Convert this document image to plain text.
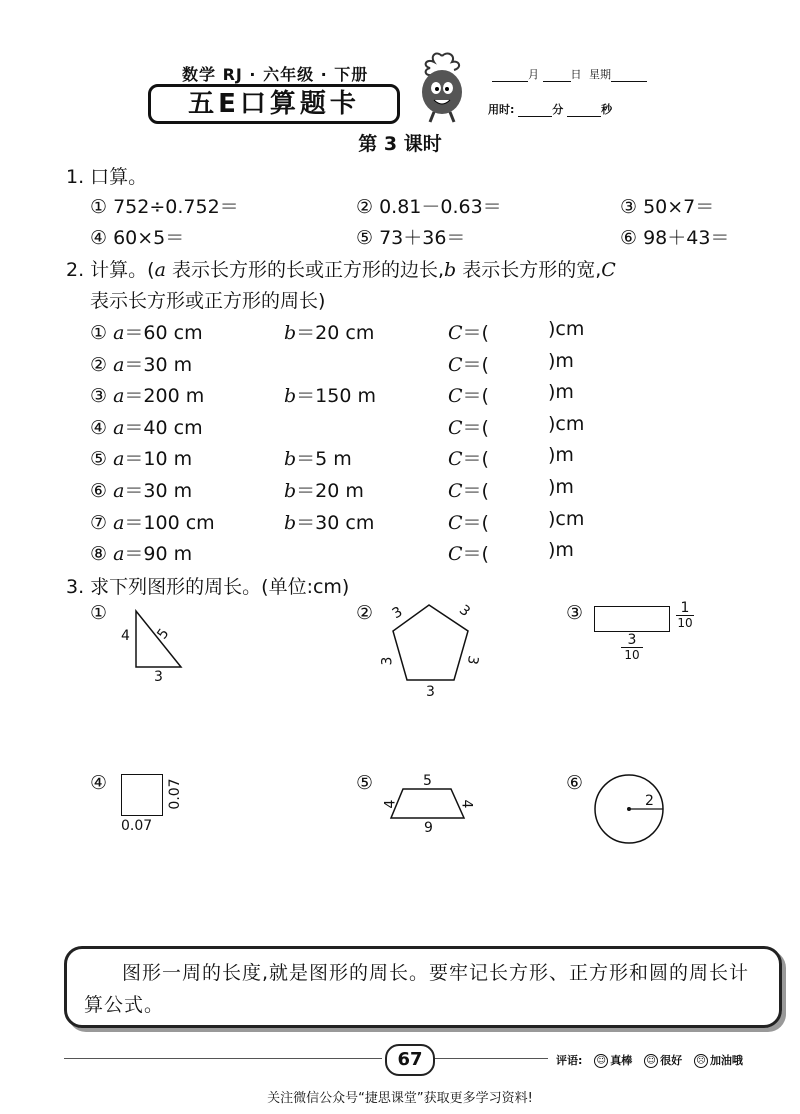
数学 RJ · 六年级 · 下册
五E口算题卡
月	日 星期
用时:	分	秒
第 3 课时
1. 口算。
① 752÷0.752＝	② 0.81－0.63＝	③ 50×7＝
④ 60×5＝	⑤ 73＋36＝	⑥ 98＋43＝
2. 计算。(a 表示长方形的长或正方形的边长,b 表示长方形的宽,C
表示长方形或正方形的周长)
① a＝60 cm	b＝20 cm	C＝(	)cm
② a＝30 m	C＝(	)m
③ a＝200 m	b＝150 m	C＝(	)m
④ a＝40 cm	C＝(	)cm
⑤ a＝10 m	b＝5 m	C＝(	)m
⑥ a＝30 m	b＝20 m	C＝(	)m
⑦ a＝100 cm	b＝30 cm	C＝(	)cm
⑧ a＝90 m	C＝(	)m
3. 求下列图形的周长。(单位:cm)
①
4 5
3
② 3	3
3	3
3
③	1
10
3
10
④	0.07
0.07
⑤	5
4	4
9
⑥
2
图形一周的长度,就是图形的周长。要牢记长方形、正方形和圆的周长计算公式。
67	评语: ☺ 真棒 ☺ 很好 ☹ 加油哦
关注微信公众号“捷思课堂”获取更多学习资料!
